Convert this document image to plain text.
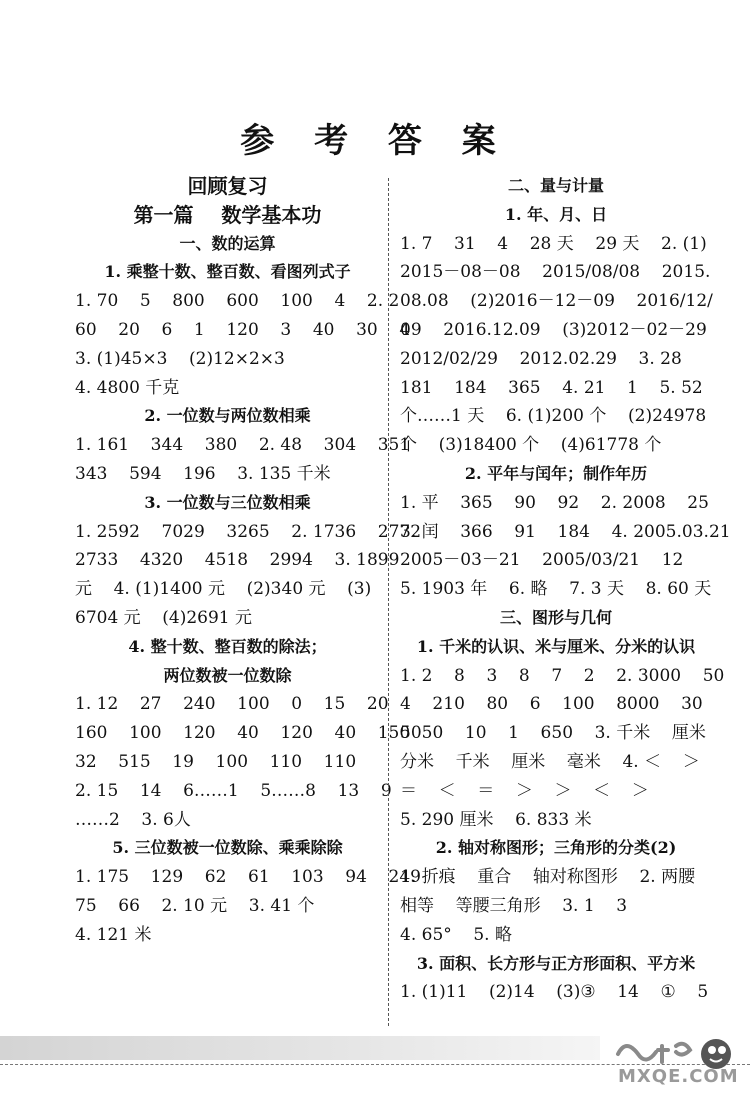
参 考 答 案
回顾复习
第一篇    数学基本功
一、数的运算
1. 乘整十数、整百数、看图列式子
1. 70    5    800    600    100    4    2. 2
60    20    6    1    120    3    40    30    4
3. (1)45×3    (2)12×2×3
4. 4800 千克
2. 一位数与两位数相乘
1. 161    344    380    2. 48    304    351
343    594    196    3. 135 千米
3. 一位数与三位数相乘
1. 2592    7029    3265    2. 1736    2772
2733    4320    4518    2994    3. 1899
元    4. (1)1400 元    (2)340 元    (3)
6704 元    (4)2691 元
4. 整十数、整百数的除法；
两位数被一位数除
1. 12    27    240    100    0    15    20
160    100    120    40    120    40    150
32    515    19    100    110    110
2. 15    14    6……1    5……8    13    9
……2    3. 6人
5. 三位数被一位数除、乘乘除除
1. 175    129    62    61    103    94    249
75    66    2. 10 元    3. 41 个
4. 121 米
二、量与计量
1. 年、月、日
1. 7    31    4    28 天    29 天    2. (1)
2015－08－08    2015/08/08    2015.
08.08    (2)2016－12－09    2016/12/
09    2016.12.09    (3)2012－02－29
2012/02/29    2012.02.29    3. 28
181    184    365    4. 21    1    5. 52
个……1 天    6. (1)200 个    (2)24978
个    (3)18400 个    (4)61778 个
2. 平年与闰年；制作年历
1. 平    365    90    92    2. 2008    25
3. 闰    366    91    184    4. 2005.03.21
2005－03－21    2005/03/21    12
5. 1903 年    6. 略    7. 3 天    8. 60 天
三、图形与几何
1. 千米的认识、米与厘米、分米的认识
1. 2    8    3    8    7    2    2. 3000    50
4    210    80    6    100    8000    30
5050    10    1    650    3. 千米    厘米
分米    千米    厘米    毫米    4. ＜    ＞
＝    ＜    ＝    ＞    ＞    ＜    ＞
5. 290 厘米    6. 833 米
2. 轴对称图形；三角形的分类(2)
1. 折痕    重合    轴对称图形    2. 两腰
相等    等腰三角形    3. 1    3
4. 65°    5. 略
3. 面积、长方形与正方形面积、平方米
1. (1)11    (2)14    (3)③    14    ①    5
MXQE.COM
